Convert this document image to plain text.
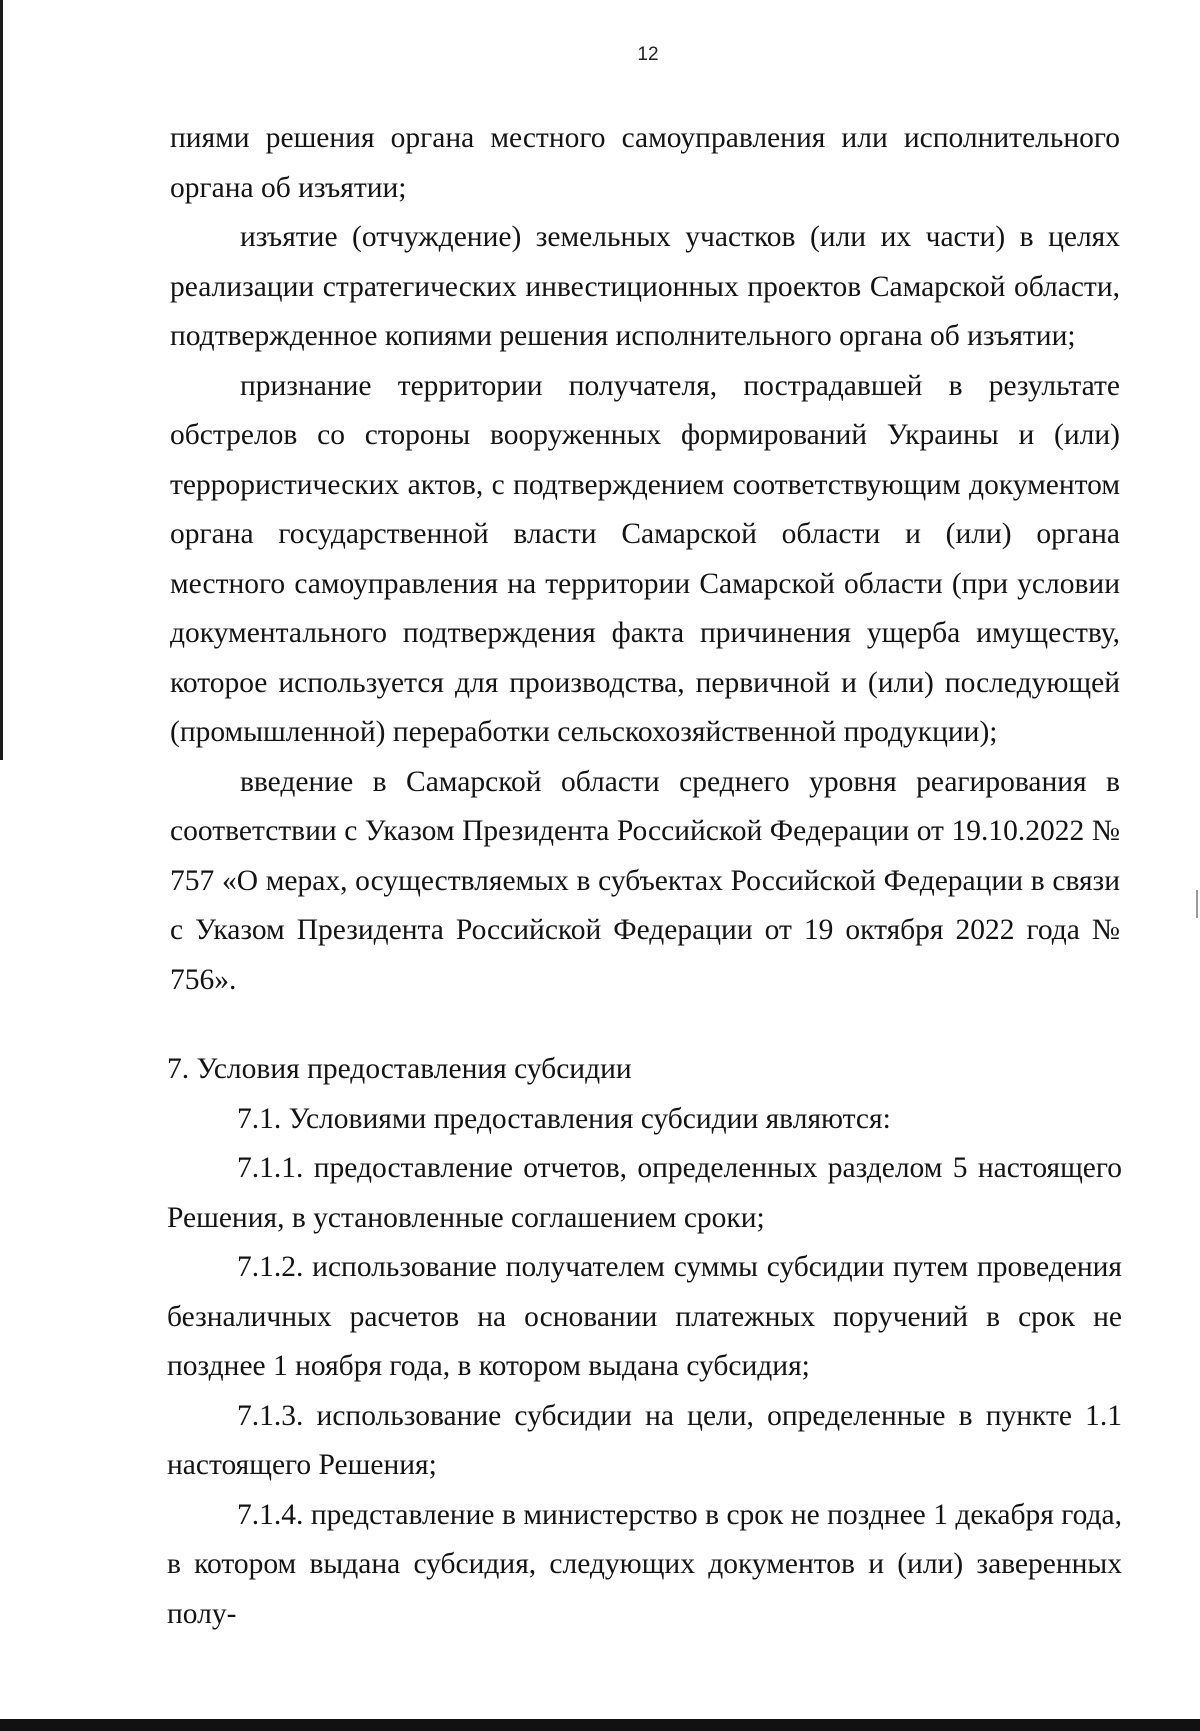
12

пиями решения органа местного самоуправления или исполнительного органа об изъятии;

изъятие (отчуждение) земельных участков (или их части) в целях реализации стратегических инвестиционных проектов Самарской области, подтвержденное копиями решения исполнительного органа об изъятии;

признание территории получателя, пострадавшей в результате обстрелов со стороны вооруженных формирований Украины и (или) террористических актов, с подтверждением соответствующим документом органа государственной власти Самарской области и (или) органа местного самоуправления на территории Самарской области (при условии документального подтверждения факта причинения ущерба имуществу, которое используется для производства, первичной и (или) последующей (промышленной) переработки сельскохозяйственной продукции);

введение в Самарской области среднего уровня реагирования в соответствии с Указом Президента Российской Федерации от 19.10.2022 № 757 «О мерах, осуществляемых в субъектах Российской Федерации в связи с Указом Президента Российской Федерации от 19 октября 2022 года № 756».

7. Условия предоставления субсидии

7.1. Условиями предоставления субсидии являются:

7.1.1. предоставление отчетов, определенных разделом 5 настоящего Решения, в установленные соглашением сроки;

7.1.2. использование получателем суммы субсидии путем проведения безналичных расчетов на основании платежных поручений в срок не позднее 1 ноября года, в котором выдана субсидия;

7.1.3. использование субсидии на цели, определенные в пункте 1.1 настоящего Решения;

7.1.4. представление в министерство в срок не позднее 1 декабря года, в котором выдана субсидия, следующих документов и (или) заверенных полу-
